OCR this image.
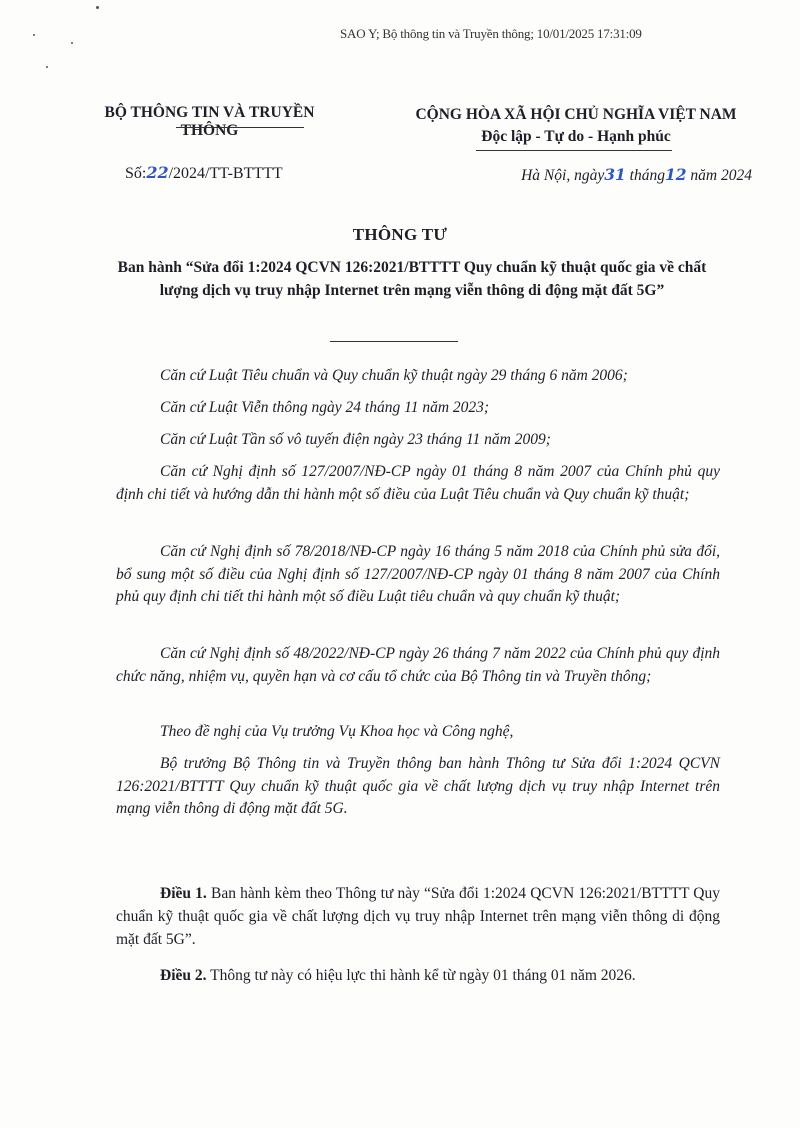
SAO Y; Bộ thông tin và Truyền thông; 10/01/2025 17:31:09
BỘ THÔNG TIN VÀ TRUYỀN THÔNG
CỘNG HÒA XÃ HỘI CHỦ NGHĨA VIỆT NAM
Độc lập - Tự do - Hạnh phúc
Số:22/2024/TT-BTTTT	Hà Nội, ngày31 tháng12 năm 2024
THÔNG TƯ
Ban hành “Sửa đổi 1:2024 QCVN 126:2021/BTTTT Quy chuẩn kỹ thuật quốc gia về chất lượng dịch vụ truy nhập Internet trên mạng viễn thông di động mặt đất 5G”
Căn cứ Luật Tiêu chuẩn và Quy chuẩn kỹ thuật ngày 29 tháng 6 năm 2006;
Căn cứ Luật Viễn thông ngày 24 tháng 11 năm 2023;
Căn cứ Luật Tần số vô tuyến điện ngày 23 tháng 11 năm 2009;
Căn cứ Nghị định số 127/2007/NĐ-CP ngày 01 tháng 8 năm 2007 của Chính phủ quy định chi tiết và hướng dẫn thi hành một số điều của Luật Tiêu chuẩn và Quy chuẩn kỹ thuật;
Căn cứ Nghị định số 78/2018/NĐ-CP ngày 16 tháng 5 năm 2018 của Chính phủ sửa đổi, bổ sung một số điều của Nghị định số 127/2007/NĐ-CP ngày 01 tháng 8 năm 2007 của Chính phủ quy định chi tiết thi hành một số điều Luật tiêu chuẩn và quy chuẩn kỹ thuật;
Căn cứ Nghị định số 48/2022/NĐ-CP ngày 26 tháng 7 năm 2022 của Chính phủ quy định chức năng, nhiệm vụ, quyền hạn và cơ cấu tổ chức của Bộ Thông tin và Truyền thông;
Theo đề nghị của Vụ trưởng Vụ Khoa học và Công nghệ,
Bộ trưởng Bộ Thông tin và Truyền thông ban hành Thông tư Sửa đổi 1:2024 QCVN 126:2021/BTTTT Quy chuẩn kỹ thuật quốc gia về chất lượng dịch vụ truy nhập Internet trên mạng viễn thông di động mặt đất 5G.
Điều 1. Ban hành kèm theo Thông tư này “Sửa đổi 1:2024 QCVN 126:2021/BTTTT Quy chuẩn kỹ thuật quốc gia về chất lượng dịch vụ truy nhập Internet trên mạng viễn thông di động mặt đất 5G”.
Điều 2. Thông tư này có hiệu lực thi hành kể từ ngày 01 tháng 01 năm 2026.
